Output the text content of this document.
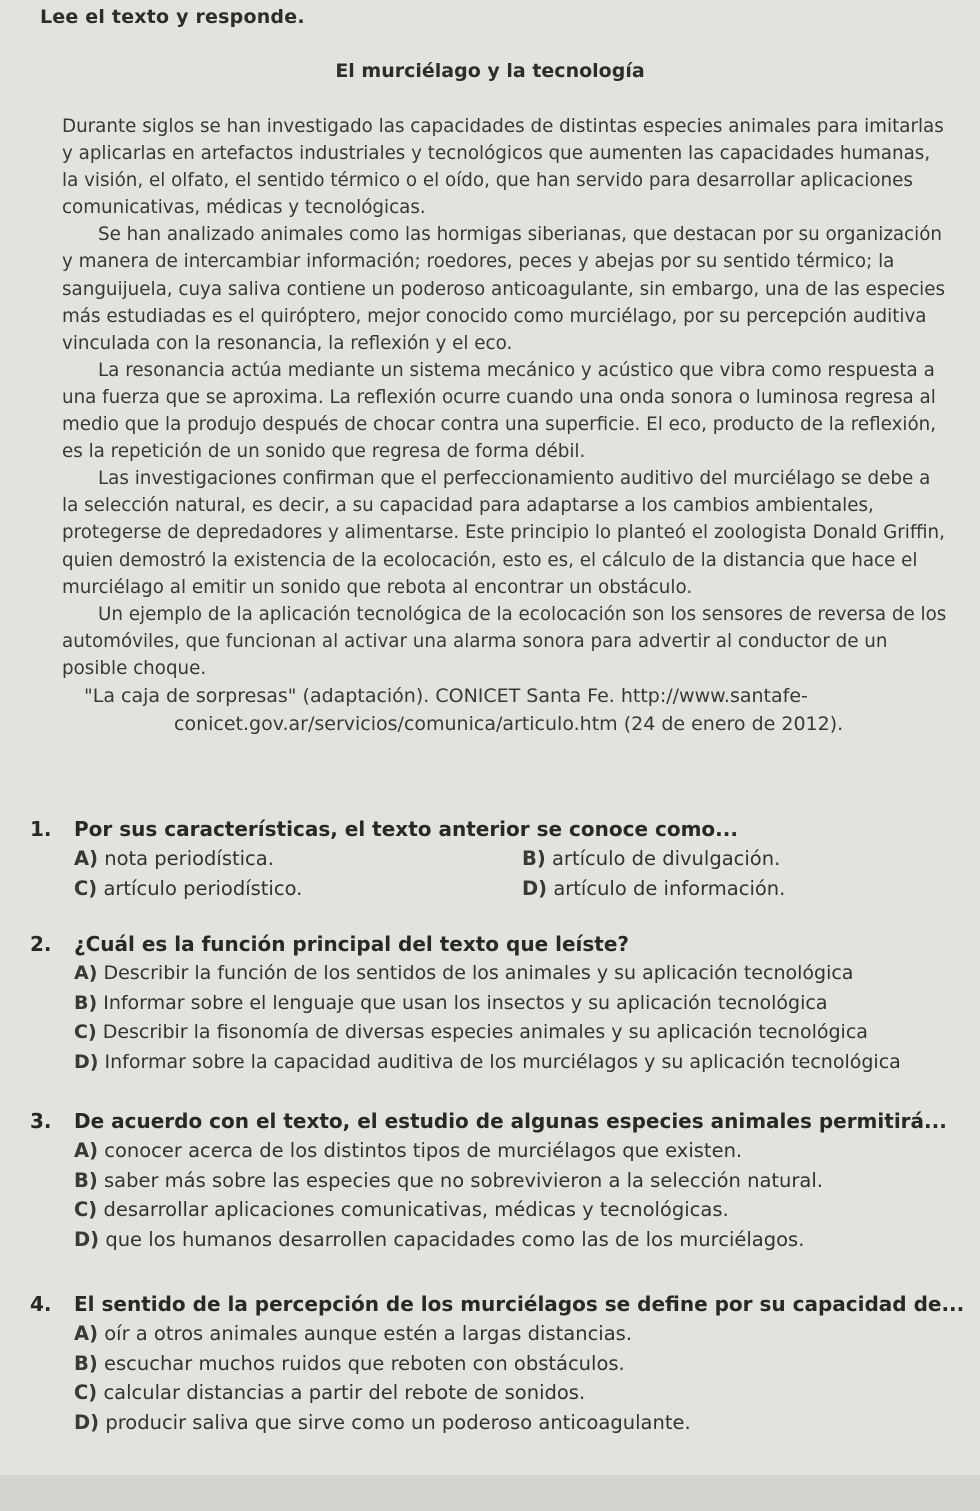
Lee el texto y responde.
El murciélago y la tecnología

Durante siglos se han investigado las capacidades de distintas especies animales para imitarlas y aplicarlas en artefactos industriales y tecnológicos que aumenten las capacidades humanas, la visión, el olfato, el sentido térmico o el oído, que han servido para desarrollar aplicaciones comunicativas, médicas y tecnológicas.

Se han analizado animales como las hormigas siberianas, que destacan por su organización y manera de intercambiar información; roedores, peces y abejas por su sentido térmico; la sanguijuela, cuya saliva contiene un poderoso anticoagulante, sin embargo, una de las especies más estudiadas es el quiróptero, mejor conocido como murciélago, por su percepción auditiva vinculada con la resonancia, la reflexión y el eco.

La resonancia actúa mediante un sistema mecánico y acústico que vibra como respuesta a una fuerza que se aproxima. La reflexión ocurre cuando una onda sonora o luminosa regresa al medio que la produjo después de chocar contra una superficie. El eco, producto de la reflexión, es la repetición de un sonido que regresa de forma débil.

Las investigaciones confirman que el perfeccionamiento auditivo del murciélago se debe a la selección natural, es decir, a su capacidad para adaptarse a los cambios ambientales, protegerse de depredadores y alimentarse. Este principio lo planteó el zoologista Donald Griffin, quien demostró la existencia de la ecolocación, esto es, el cálculo de la distancia que hace el murciélago al emitir un sonido que rebota al encontrar un obstáculo.

Un ejemplo de la aplicación tecnológica de la ecolocación son los sensores de reversa de los automóviles, que funcionan al activar una alarma sonora para advertir al conductor de un posible choque.

"La caja de sorpresas" (adaptación). CONICET Santa Fe. http://www.santafe-
conicet.gov.ar/servicios/comunica/articulo.htm (24 de enero de 2012).

1. Por sus características, el texto anterior se conoce como...
A) nota periodística.	B) artículo de divulgación.
C) artículo periodístico.	D) artículo de información.
2. ¿Cuál es la función principal del texto que leíste?
A) Describir la función de los sentidos de los animales y su aplicación tecnológica
B) Informar sobre el lenguaje que usan los insectos y su aplicación tecnológica
C) Describir la fisonomía de diversas especies animales y su aplicación tecnológica
D) Informar sobre la capacidad auditiva de los murciélagos y su aplicación tecnológica
3. De acuerdo con el texto, el estudio de algunas especies animales permitirá...
A) conocer acerca de los distintos tipos de murciélagos que existen.
B) saber más sobre las especies que no sobrevivieron a la selección natural.
C) desarrollar aplicaciones comunicativas, médicas y tecnológicas.
D) que los humanos desarrollen capacidades como las de los murciélagos.
4. El sentido de la percepción de los murciélagos se define por su capacidad de...
A) oír a otros animales aunque estén a largas distancias.
B) escuchar muchos ruidos que reboten con obstáculos.
C) calcular distancias a partir del rebote de sonidos.
D) producir saliva que sirve como un poderoso anticoagulante.
